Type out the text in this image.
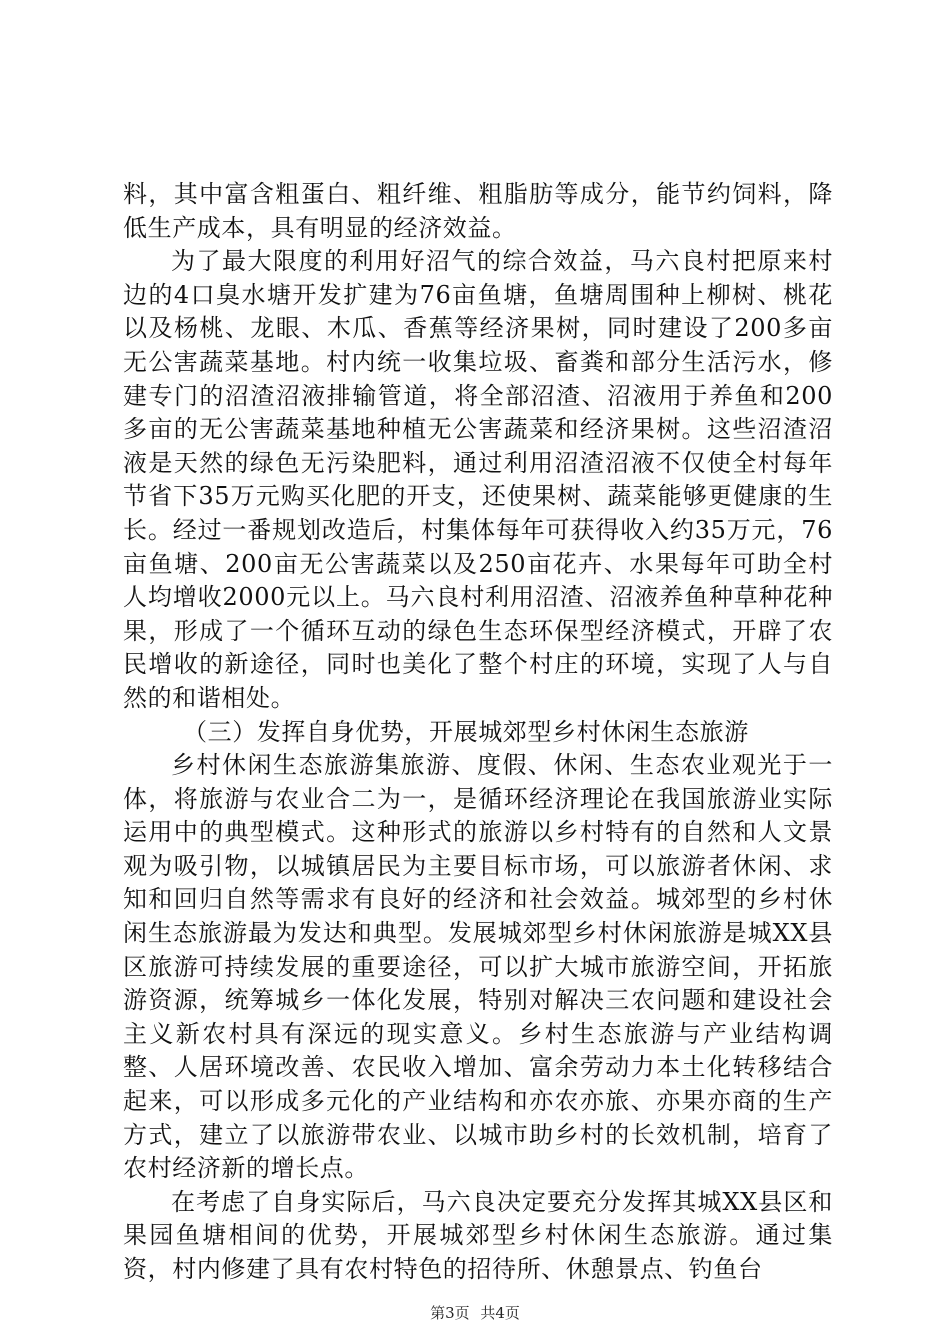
料，其中富含粗蛋白、粗纤维、粗脂肪等成分，能节约饲料，降低生产成本，具有明显的经济效益。

为了最大限度的利用好沼气的综合效益，马六良村把原来村边的4口臭水塘开发扩建为76亩鱼塘，鱼塘周围种上柳树、桃花以及杨桃、龙眼、木瓜、香蕉等经济果树，同时建设了200多亩无公害蔬菜基地。村内统一收集垃圾、畜粪和部分生活污水，修建专门的沼渣沼液排输管道，将全部沼渣、沼液用于养鱼和200多亩的无公害蔬菜基地种植无公害蔬菜和经济果树。这些沼渣沼液是天然的绿色无污染肥料，通过利用沼渣沼液不仅使全村每年节省下35万元购买化肥的开支，还使果树、蔬菜能够更健康的生长。经过一番规划改造后，村集体每年可获得收入约35万元，76亩鱼塘、200亩无公害蔬菜以及250亩花卉、水果每年可助全村人均增收2000元以上。马六良村利用沼渣、沼液养鱼种草种花种果，形成了一个循环互动的绿色生态环保型经济模式，开辟了农民增收的新途径，同时也美化了整个村庄的环境，实现了人与自然的和谐相处。

（三）发挥自身优势，开展城郊型乡村休闲生态旅游

乡村休闲生态旅游集旅游、度假、休闲、生态农业观光于一体，将旅游与农业合二为一，是循环经济理论在我国旅游业实际运用中的典型模式。这种形式的旅游以乡村特有的自然和人文景观为吸引物，以城镇居民为主要目标市场，可以旅游者休闲、求知和回归自然等需求有良好的经济和社会效益。城郊型的乡村休闲生态旅游最为发达和典型。发展城郊型乡村休闲旅游是城XX县区旅游可持续发展的重要途径，可以扩大城市旅游空间，开拓旅游资源，统筹城乡一体化发展，特别对解决三农问题和建设社会主义新农村具有深远的现实意义。乡村生态旅游与产业结构调整、人居环境改善、农民收入增加、富余劳动力本土化转移结合起来，可以形成多元化的产业结构和亦农亦旅、亦果亦商的生产方式，建立了以旅游带农业、以城市助乡村的长效机制，培育了农村经济新的增长点。

在考虑了自身实际后，马六良决定要充分发挥其城XX县区和果园鱼塘相间的优势，开展城郊型乡村休闲生态旅游。通过集资，村内修建了具有农村特色的招待所、休憩景点、钓鱼台

第3页 共4页
